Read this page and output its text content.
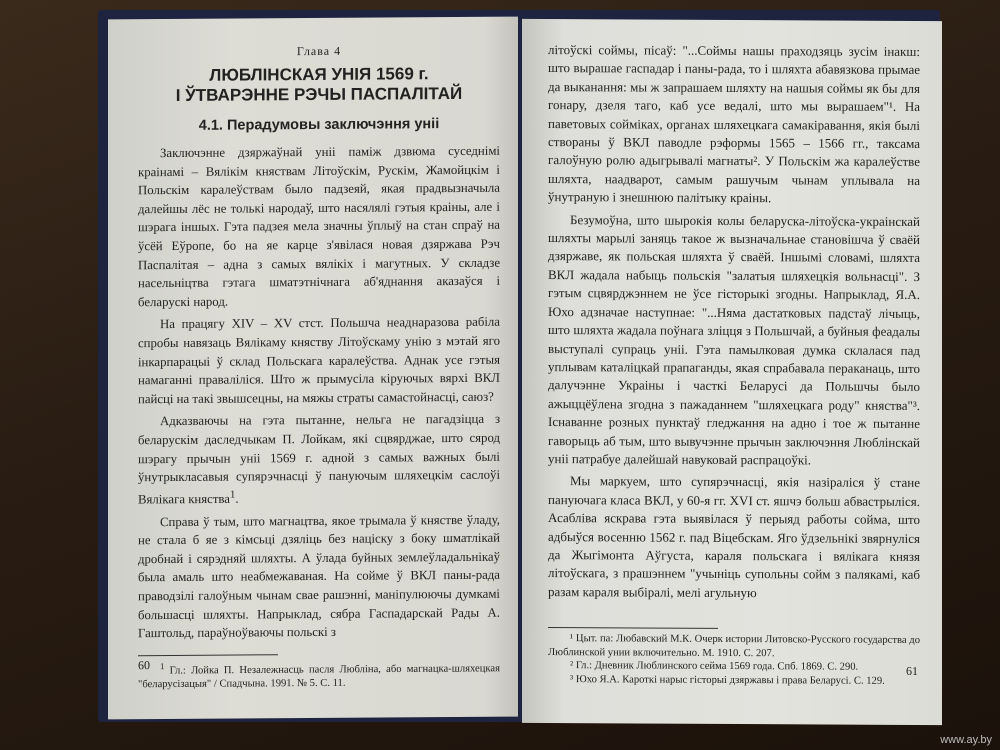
Глава 4

ЛЮБЛІНСКАЯ УНІЯ 1569 г.

І ЎТВАРЭННЕ РЭЧЫ ПАСПАЛІТАЙ

4.1. Перадумовы заключэння уніі

Заключэнне дзяржаўнай уніі паміж дзвюма суседнімі краінамі – Вялікім княствам Літоўскім, Рускім, Жамойцкім і Польскім каралеўствам было падзеяй, якая прадвызначыла далейшы лёс не толькі народаў, што насялялі гэтыя краіны, але і шэрага іншых. Гэта падзея мела значны ўплыў на стан спраў на ўсёй Еўропе, бо на яе карце з'явілася новая дзяржава Рэч Паспалітая – адна з самых вялікіх і магутных. У складзе насельніцтва гэтага шматэтнічнага аб'яднання аказаўся і беларускі народ.

На працягу XIV – XV стст. Польшча неаднаразова рабіла спробы навязаць Вялікаму княству Літоўскаму унію з мэтай яго інкарпарацыі ў склад Польскага каралеўства. Аднак усе гэтыя намаганні праваліліся. Што ж прымусіла кіруючых вярхі ВКЛ пайсці на такі звышсецны, на мяжы страты самастойнасці, саюз?

Адказваючы на гэта пытанне, нельга не пагадзіцца з беларускім даследчыкам П. Лойкам, які сцвярджае, што сярод шэрагу прычын уніі 1569 г. адной з самых важных былі ўнутрыкласавыя супярэчнасці ў пануючым шляхецкім саслоўі Вялікага княства$^1$.

Справа ў тым, што магнацтва, якое трымала ў княстве ўладу, не стала б яе з кімсьці дзяліць без націску з боку шматлікай дробнай і сярэдняй шляхты. А ўлада буйных землеўладальнікаў была амаль што неабмежаваная. На сойме ў ВКЛ паны-рада праводзілі галоўным чынам свае рашэнні, маніпулюючы думкамі большасці шляхты. Напрыклад, сябра Гаспадарскай Рады А. Гаштольд, параўноўваючы польскі з

$^1$ Гл.: Лойка П. Незалежнасць пасля Любліна, або магнацка-шляхецкая "беларусізацыя" / Спадчына. 1991. № 5. С. 11.

60

літоўскі соймы, пісаў: "...Соймы нашы праходзяць зусім інакш: што вырашае гаспадар і паны-рада, то і шляхта абавязкова прымае да выканання: мы ж запрашаем шляхту на нашыя соймы як бы для гонару, дзеля таго, каб усе ведалі, што мы вырашаем"¹. На паветовых сойміках, органах шляхецкага самакіравання, якія былі створаны ў ВКЛ паводле рэформы 1565 – 1566 гг., таксама галоўную ролю адыгрывалі магнаты². У Польскім жа каралеўстве шляхта, наадварот, самым рашучым чынам уплывала на ўнутраную і знешнюю палітыку краіны.

Безумоўна, што шырокія колы беларуска-літоўска-украінскай шляхты марылі заняць такое ж вызначальнае становішча ў сваёй дзяржаве, як польская шляхта ў сваёй. Іншымі словамі, шляхта ВКЛ жадала набыць польскія "залатыя шляхецкія вольнасці". З гэтым сцвярджэннем не ўсе гісторыкі згодны. Напрыклад, Я.А. Юхо адзначае наступнае: "...Няма дастатковых падстаў лічыць, што шляхта жадала поўнага зліцця з Польшчай, а буйныя феадалы выступалі супраць уніі. Гэта памылковая думка склалася пад уплывам каталіцкай прапаганды, якая спрабавала пераканаць, што далучэнне Украіны і часткі Беларусі да Польшчы было ажыццёўлена згодна з пажаданнем "шляхецкага роду" княства"³. Існаванне розных пунктаў гледжання на адно і тое ж пытанне гаворыць аб тым, што вывучэнне прычын заключэння Люблінскай уніі патрабуе далейшай навуковай распрацоўкі.

Мы маркуем, што супярэчнасці, якія назіраліся ў стане пануючага класа ВКЛ, у 60-я гг. XVI ст. яшчэ больш абвастрыліся. Асабліва яскрава гэта выявілася ў перыяд работы сойма, што адбыўся восенню 1562 г. пад Віцебскам. Яго ўдзельнікі звярнуліся да Жыгімонта Аўгуста, караля польскага і вялікага князя літоўскага, з прашэннем "учыніць супольны сойм з палякамі, каб разам караля выбіралі, мелі агульную

¹ Цыт. па: Любавский М.К. Очерк истории Литовско-Русского государства до Люблинской унии включительно. М. 1910. С. 207.

² Гл.: Дневник Люблинского сейма 1569 года. Спб. 1869. С. 290.

³ Юхо Я.А. Кароткі нарыс гісторыі дзяржавы і права Беларусі. С. 129.

61
www.ay.by
